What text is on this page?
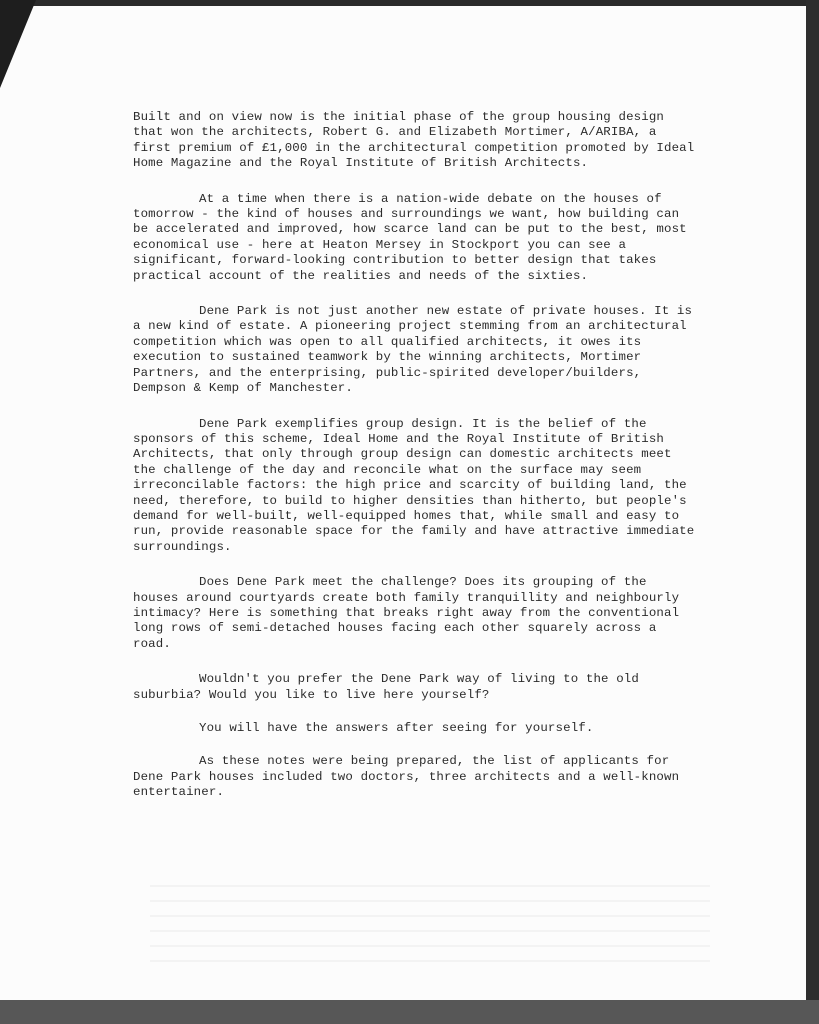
Built and on view now is the initial phase of the group housing design that won the architects, Robert G. and Elizabeth Mortimer, A/ARIBA, a first premium of £1,000 in the architectural competition promoted by Ideal Home Magazine and the Royal Institute of British Architects.

At a time when there is a nation-wide debate on the houses of tomorrow - the kind of houses and surroundings we want, how building can be accelerated and improved, how scarce land can be put to the best, most economical use - here at Heaton Mersey in Stockport you can see a significant, forward-looking contribution to better design that takes practical account of the realities and needs of the sixties.

Dene Park is not just another new estate of private houses. It is a new kind of estate. A pioneering project stemming from an architectural competition which was open to all qualified architects, it owes its execution to sustained teamwork by the winning architects, Mortimer Partners, and the enterprising, public-spirited developer/builders, Dempson & Kemp of Manchester.

Dene Park exemplifies group design. It is the belief of the sponsors of this scheme, Ideal Home and the Royal Institute of British Architects, that only through group design can domestic architects meet the challenge of the day and reconcile what on the surface may seem irreconcilable factors: the high price and scarcity of building land, the need, therefore, to build to higher densities than hitherto, but people's demand for well-built, well-equipped homes that, while small and easy to run, provide reasonable space for the family and have attractive immediate surroundings.

Does Dene Park meet the challenge? Does its grouping of the houses around courtyards create both family tranquillity and neighbourly intimacy? Here is something that breaks right away from the conventional long rows of semi-detached houses facing each other squarely across a road.

Wouldn't you prefer the Dene Park way of living to the old suburbia? Would you like to live here yourself?

You will have the answers after seeing for yourself.

As these notes were being prepared, the list of applicants for Dene Park houses included two doctors, three architects and a well-known entertainer.
